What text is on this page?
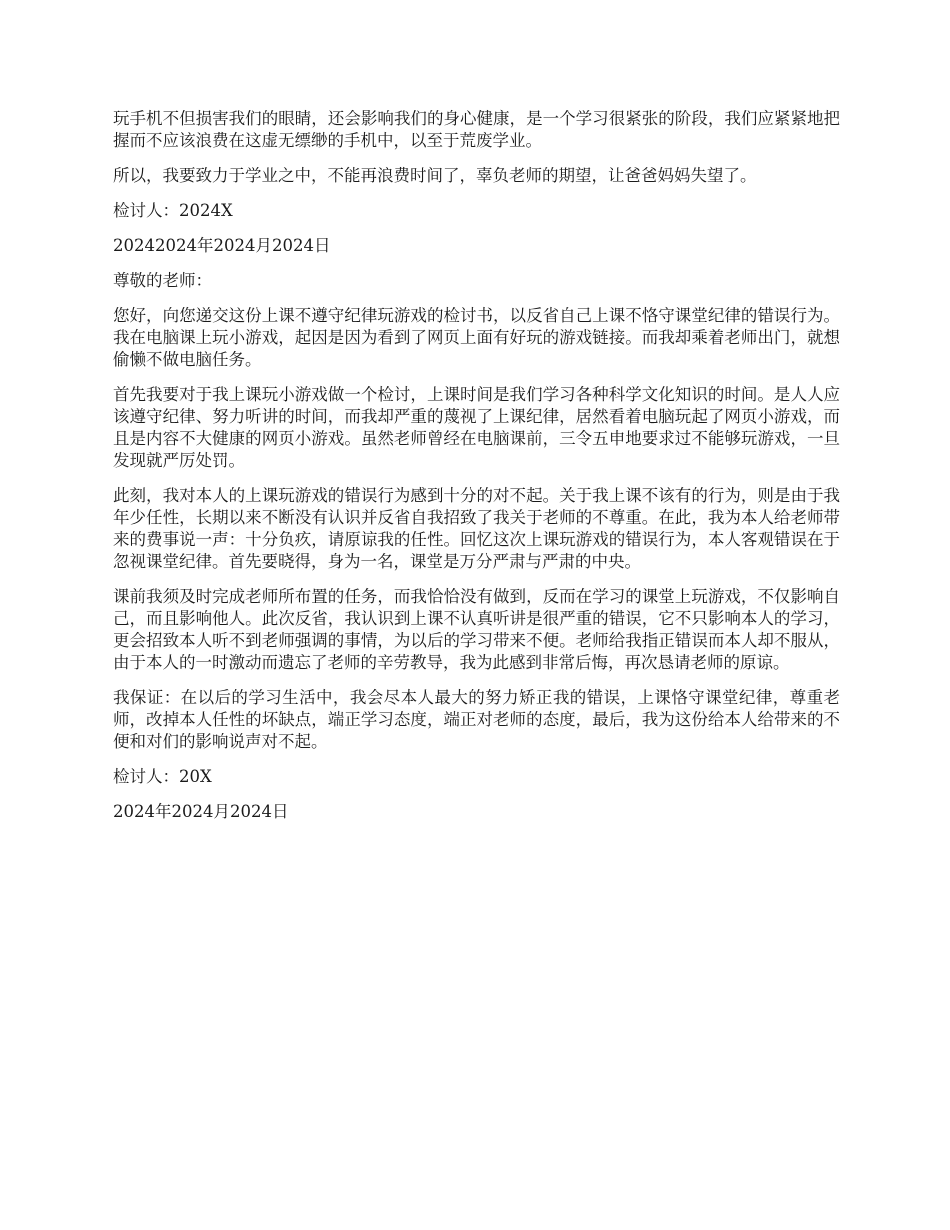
玩手机不但损害我们的眼睛，还会影响我们的身心健康，是一个学习很紧张的阶段，我们应紧紧地把握而不应该浪费在这虚无缥缈的手机中，以至于荒废学业。

所以，我要致力于学业之中，不能再浪费时间了，辜负老师的期望，让爸爸妈妈失望了。

检讨人：2024X

20242024年2024月2024日

尊敬的老师：

您好，向您递交这份上课不遵守纪律玩游戏的检讨书，以反省自己上课不恪守课堂纪律的错误行为。我在电脑课上玩小游戏，起因是因为看到了网页上面有好玩的游戏链接。而我却乘着老师出门，就想偷懒不做电脑任务。

首先我要对于我上课玩小游戏做一个检讨，上课时间是我们学习各种科学文化知识的时间。是人人应该遵守纪律、努力听讲的时间，而我却严重的蔑视了上课纪律，居然看着电脑玩起了网页小游戏，而且是内容不大健康的网页小游戏。虽然老师曾经在电脑课前，三令五申地要求过不能够玩游戏，一旦发现就严厉处罚。

此刻，我对本人的上课玩游戏的错误行为感到十分的对不起。关于我上课不该有的行为，则是由于我年少任性，长期以来不断没有认识并反省自我招致了我关于老师的不尊重。在此，我为本人给老师带来的费事说一声：十分负疚，请原谅我的任性。回忆这次上课玩游戏的错误行为，本人客观错误在于忽视课堂纪律。首先要晓得，身为一名，课堂是万分严肃与严肃的中央。

课前我须及时完成老师所布置的任务，而我恰恰没有做到，反而在学习的课堂上玩游戏，不仅影响自己，而且影响他人。此次反省，我认识到上课不认真听讲是很严重的错误，它不只影响本人的学习，更会招致本人听不到老师强调的事情，为以后的学习带来不便。老师给我指正错误而本人却不服从，由于本人的一时激动而遗忘了老师的辛劳教导，我为此感到非常后悔，再次恳请老师的原谅。

我保证：在以后的学习生活中，我会尽本人最大的努力矫正我的错误，上课恪守课堂纪律，尊重老师，改掉本人任性的坏缺点，端正学习态度，端正对老师的态度，最后，我为这份给本人给带来的不便和对们的影响说声对不起。

检讨人：20X

2024年2024月2024日
